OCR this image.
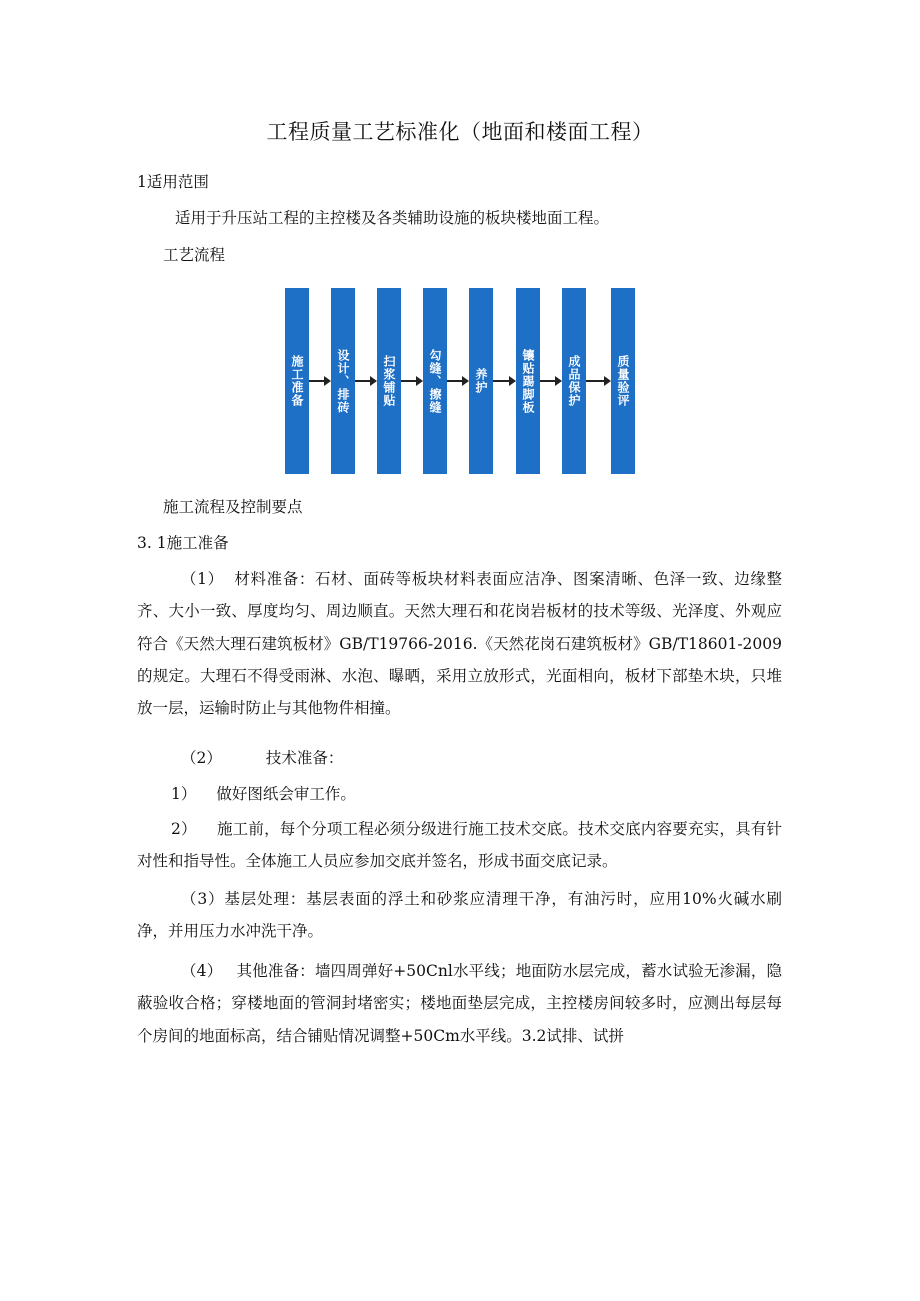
工程质量工艺标准化（地面和楼面工程）
1适用范围
适用于升压站工程的主控楼及各类辅助设施的板块楼地面工程。
工艺流程
施工准备	设计、排砖	扫浆铺贴	勾缝、擦缝	养护	镶贴踢脚板	成品保护	质量验评
施工流程及控制要点
3. 1施工准备

（1） 材料准备：石材、面砖等板块材料表面应洁净、图案清晰、色泽一致、边缘整齐、大小一致、厚度均匀、周边顺直。天然大理石和花岗岩板材的技术等级、光泽度、外观应符合《天然大理石建筑板材》GB/T19766-2016.《天然花岗石建筑板材》GB/T18601-2009的规定。大理石不得受雨淋、水泡、曝晒，采用立放形式，光面相向，板材下部垫木块，只堆放一层，运输时防止与其他物件相撞。

（2）	技术准备：
1） 做好图纸会审工作。

2） 施工前，每个分项工程必须分级进行施工技术交底。技术交底内容要充实，具有针对性和指导性。全体施工人员应参加交底并签名，形成书面交底记录。

（3）基层处理：基层表面的浮土和砂浆应清理干净，有油污时，应用10%火碱水刷净，并用压力水冲洗干净。

（4） 其他准备：墙四周弹好+50Cnl水平线；地面防水层完成，蓄水试验无渗漏，隐蔽验收合格；穿楼地面的管洞封堵密实；楼地面垫层完成，主控楼房间较多时，应测出每层每个房间的地面标高，结合铺贴情况调整+50Cm水平线。3.2试排、试拼
